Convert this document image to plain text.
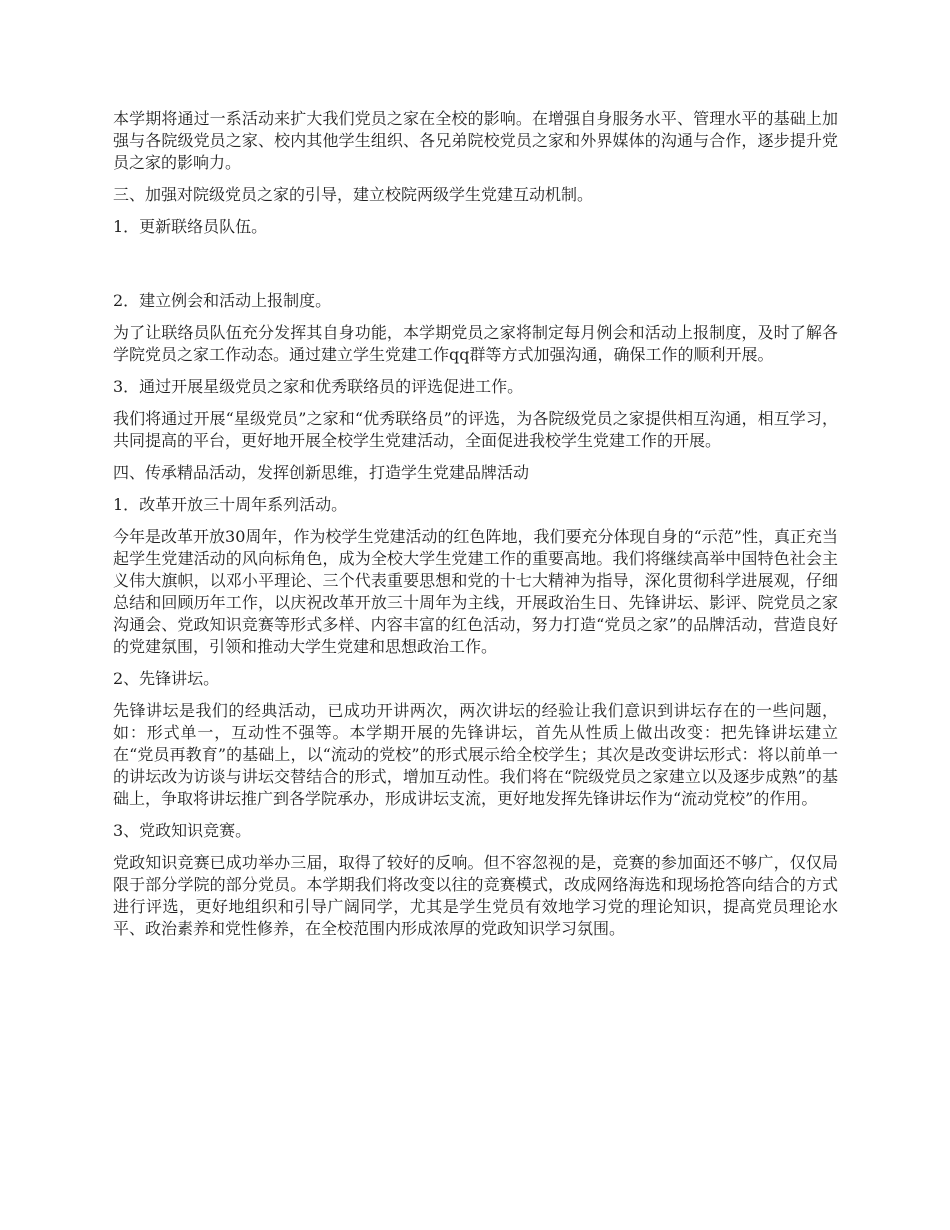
本学期将通过一系活动来扩大我们党员之家在全校的影响。在增强自身服务水平、管理水平的基础上加强与各院级党员之家、校内其他学生组织、各兄弟院校党员之家和外界媒体的沟通与合作，逐步提升党员之家的影响力。

三、加强对院级党员之家的引导，建立校院两级学生党建互动机制。

1．更新联络员队伍。

2．建立例会和活动上报制度。

为了让联络员队伍充分发挥其自身功能，本学期党员之家将制定每月例会和活动上报制度，及时了解各学院党员之家工作动态。通过建立学生党建工作qq群等方式加强沟通，确保工作的顺利开展。

3．通过开展星级党员之家和优秀联络员的评选促进工作。

我们将通过开展“星级党员”之家和“优秀联络员”的评选，为各院级党员之家提供相互沟通，相互学习，共同提高的平台，更好地开展全校学生党建活动，全面促进我校学生党建工作的开展。

四、传承精品活动，发挥创新思维，打造学生党建品牌活动

1．改革开放三十周年系列活动。

今年是改革开放30周年，作为校学生党建活动的红色阵地，我们要充分体现自身的“示范”性，真正充当起学生党建活动的风向标角色，成为全校大学生党建工作的重要高地。我们将继续高举中国特色社会主义伟大旗帜，以邓小平理论、三个代表重要思想和党的十七大精神为指导，深化贯彻科学进展观，仔细总结和回顾历年工作，以庆祝改革开放三十周年为主线，开展政治生日、先锋讲坛、影评、院党员之家沟通会、党政知识竞赛等形式多样、内容丰富的红色活动，努力打造“党员之家”的品牌活动，营造良好的党建氛围，引领和推动大学生党建和思想政治工作。

2、先锋讲坛。

先锋讲坛是我们的经典活动，已成功开讲两次，两次讲坛的经验让我们意识到讲坛存在的一些问题，如：形式单一，互动性不强等。本学期开展的先锋讲坛，首先从性质上做出改变：把先锋讲坛建立在“党员再教育”的基础上，以“流动的党校”的形式展示给全校学生；其次是改变讲坛形式：将以前单一的讲坛改为访谈与讲坛交替结合的形式，增加互动性。我们将在“院级党员之家建立以及逐步成熟”的基础上，争取将讲坛推广到各学院承办，形成讲坛支流，更好地发挥先锋讲坛作为“流动党校”的作用。

3、党政知识竞赛。

党政知识竞赛已成功举办三届，取得了较好的反响。但不容忽视的是，竞赛的参加面还不够广，仅仅局限于部分学院的部分党员。本学期我们将改变以往的竞赛模式，改成网络海选和现场抢答向结合的方式进行评选，更好地组织和引导广阔同学，尤其是学生党员有效地学习党的理论知识，提高党员理论水平、政治素养和党性修养，在全校范围内形成浓厚的党政知识学习氛围。
